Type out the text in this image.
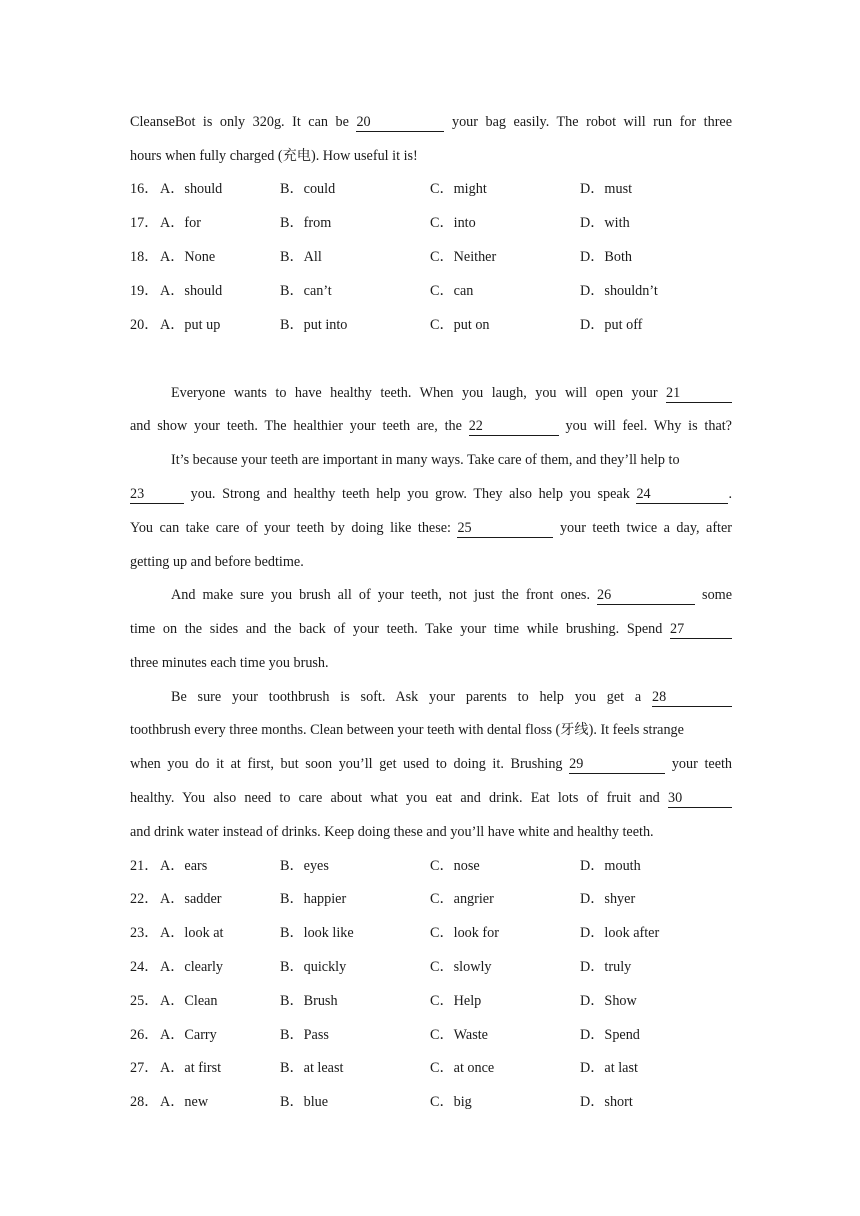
CleanseBot is only 320g. It can be 20	your bag easily. The robot will run for three
hours when fully charged (充电). How useful it is!
16． A．should	B．could	C．might	D．must
17． A．for	B．from	C．into	D．with
18． A．None	B．All	C．Neither	D．Both
19． A．should	B．can’t	C．can	D．shouldn’t
20． A．put up	B．put into	C．put on	D．put off
Everyone wants to have healthy teeth. When you laugh, you will open your 21
and show your teeth. The healthier your teeth are, the 22	you will feel. Why is that?
It’s because your teeth are important in many ways. Take care of them, and they’ll help to
23	you. Strong and healthy teeth help you grow. They also help you speak 24	.
You can take care of your teeth by doing like these: 25	your teeth twice a day, after
getting up and before bedtime.
And make sure you brush all of your teeth, not just the front ones. 26	some
time on the sides and the back of your teeth. Take your time while brushing. Spend 27
three minutes each time you brush.
Be sure your toothbrush is soft. Ask your parents to help you get a 28
toothbrush every three months. Clean between your teeth with dental floss (牙线). It feels strange
when you do it at first, but soon you’ll get used to doing it. Brushing 29	your teeth
healthy. You also need to care about what you eat and drink. Eat lots of fruit and 30
and drink water instead of drinks. Keep doing these and you’ll have white and healthy teeth.
21． A．ears	B．eyes	C．nose	D．mouth
22． A．sadder	B．happier	C．angrier	D．shyer
23． A．look at	B．look like	C．look for	D．look after
24． A．clearly	B．quickly	C．slowly	D．truly
25． A．Clean	B．Brush	C．Help	D．Show
26． A．Carry	B．Pass	C．Waste	D．Spend
27． A．at first	B．at least	C．at once	D．at last
28． A．new	B．blue	C．big	D．short
